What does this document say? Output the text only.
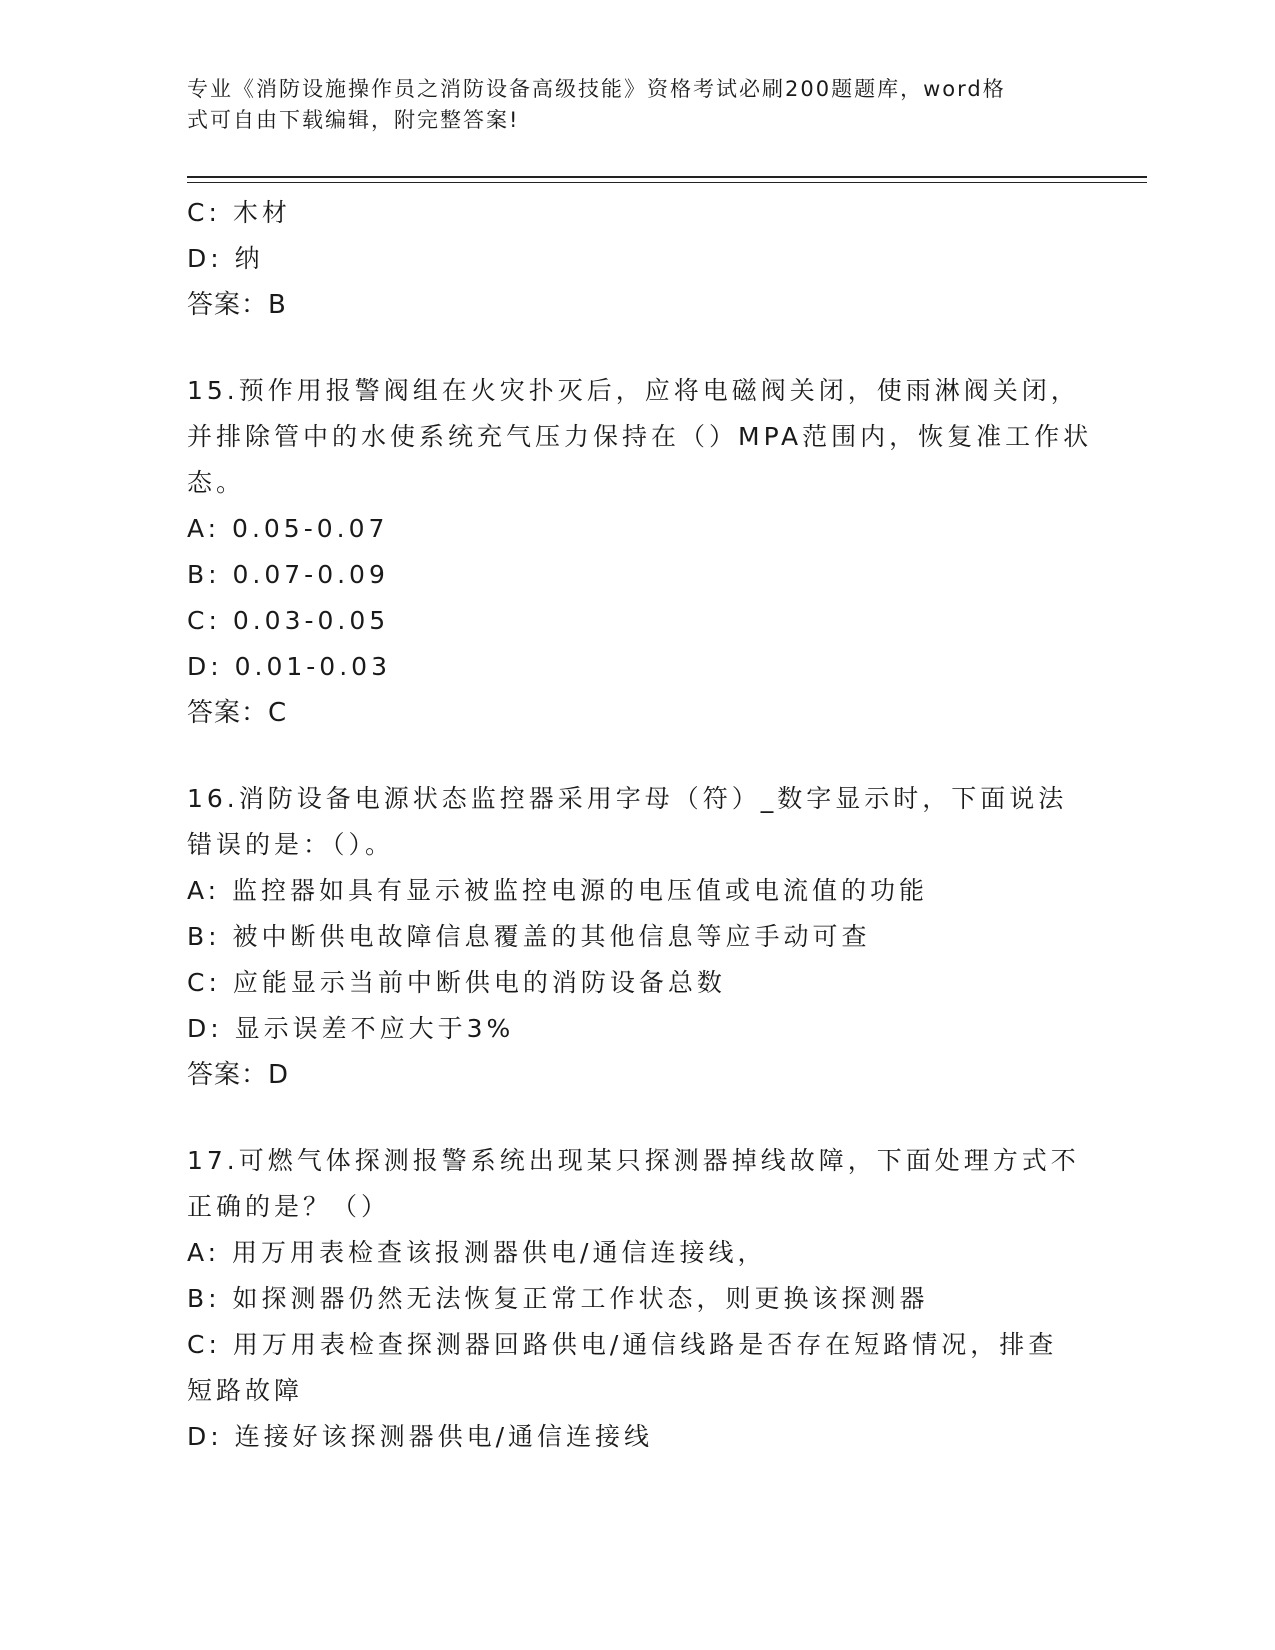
专业《消防设施操作员之消防设备高级技能》资格考试必刷200题题库，word格
式可自由下载编辑，附完整答案!
C: 木材
D: 纳
答案：B
15.预作用报警阀组在火灾扑灭后，应将电磁阀关闭，使雨淋阀关闭，
并排除管中的水使系统充气压力保持在（）MPA范围内，恢复准工作状
态。
A: 0.05-0.07
B: 0.07-0.09
C: 0.03-0.05
D: 0.01-0.03
答案：C
16.消防设备电源状态监控器采用字母（符）_数字显示时，下面说法
错误的是：（）。
A: 监控器如具有显示被监控电源的电压值或电流值的功能
B: 被中断供电故障信息覆盖的其他信息等应手动可查
C: 应能显示当前中断供电的消防设备总数
D: 显示误差不应大于3%
答案：D
17.可燃气体探测报警系统出现某只探测器掉线故障，下面处理方式不
正确的是？（）
A: 用万用表检查该报测器供电/通信连接线，
B: 如探测器仍然无法恢复正常工作状态，则更换该探测器
C: 用万用表检查探测器回路供电/通信线路是否存在短路情况，排查
短路故障
D: 连接好该探测器供电/通信连接线
